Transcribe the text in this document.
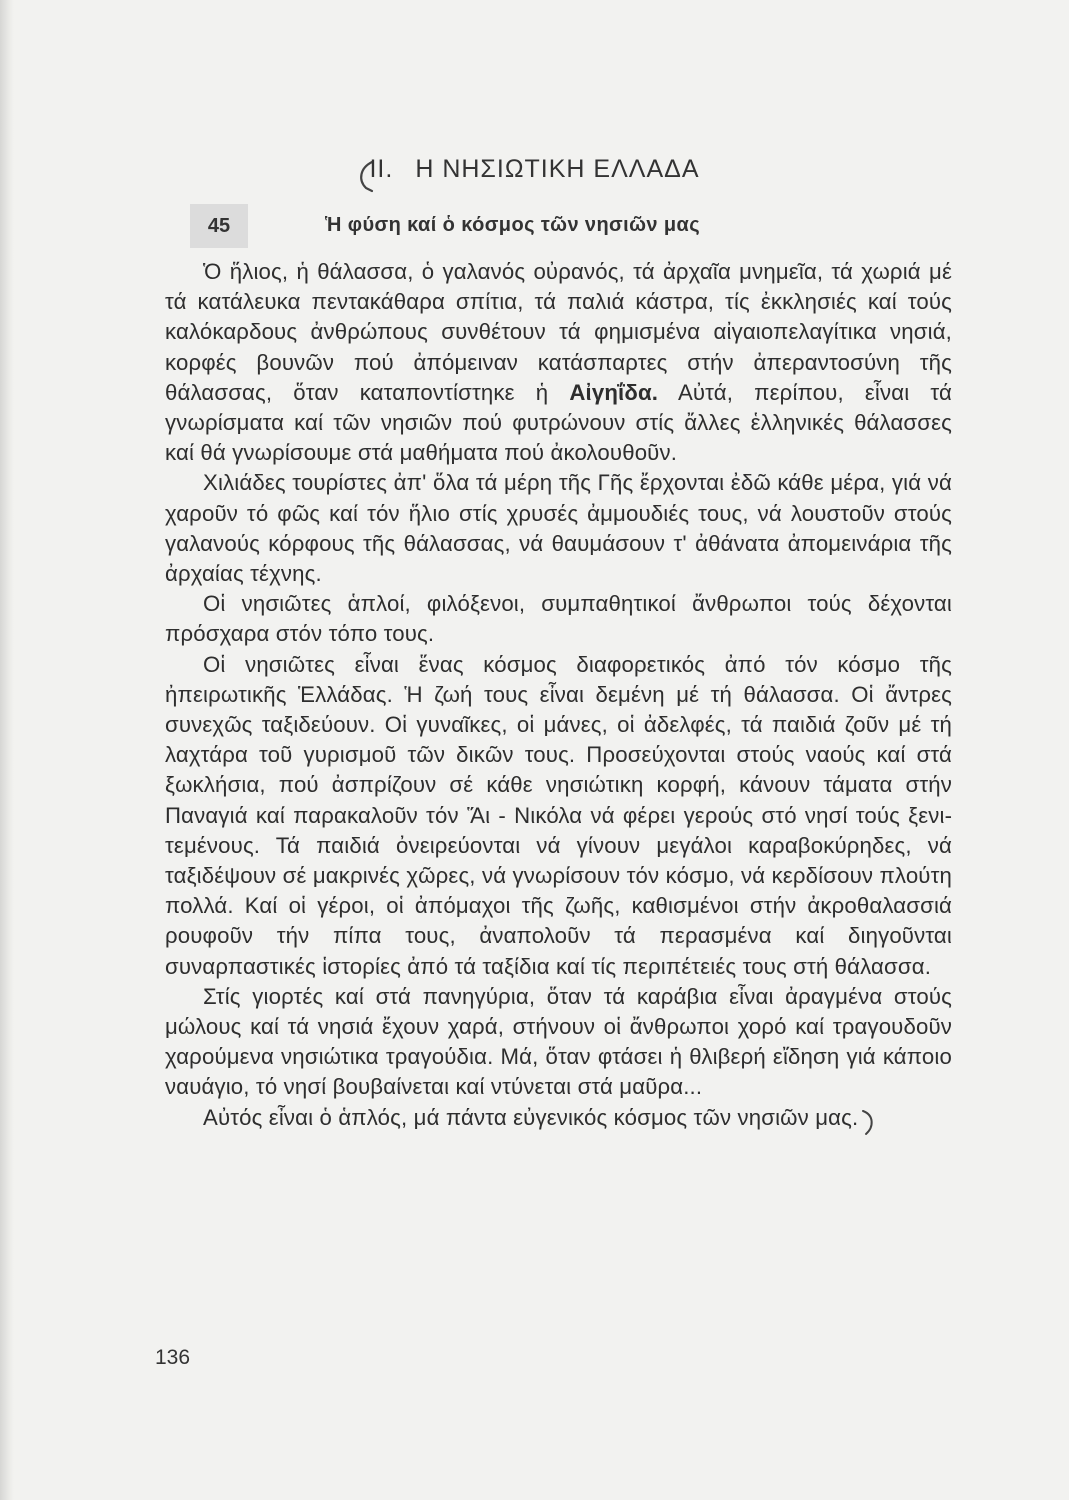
II. Η ΝΗΣΙΩΤΙΚΗ ΕΛΛΑΔΑ
45	Ἡ φύση καί ὁ κόσμος τῶν νησιῶν μας

Ὁ ἥλιος, ἡ θάλασσα, ὁ γαλανός οὐρανός, τά ἀρχαῖα μνημεῖα, τά χωριά μέ τά κατάλευκα πεντακάθαρα σπίτια, τά παλιά κάστρα, τίς ἐκκλησιές καί τούς καλόκαρδους ἀνθρώπους συνθέτουν τά φημισμένα αἰγαιοπελαγίτικα νησιά, κορφές βουνῶν πού ἀπόμειναν κατάσπαρτες στήν ἀπεραντοσύνη τῆς θάλασσας, ὅταν καταποντίστηκε ἡ Αἰγηΐδα. Αὐτά, περίπου, εἶναι τά γνωρίσματα καί τῶν νησιῶν πού φυτρώνουν στίς ἄλλες ἑλληνικές θάλασσες καί θά γνωρίσουμε στά μαθήματα πού ἀκολουθοῦν.

Χιλιάδες τουρίστες ἀπ' ὅλα τά μέρη τῆς Γῆς ἔρχονται ἐδῶ κάθε μέρα, γιά νά χαροῦν τό φῶς καί τόν ἥλιο στίς χρυσές ἀμμουδιές τους, νά λουστοῦν στούς γαλανούς κόρφους τῆς θάλασσας, νά θαυμάσουν τ' ἀθάνατα ἀπομεινάρια τῆς ἀρχαίας τέχνης.

Οἱ νησιῶτες ἁπλοί, φιλόξενοι, συμπαθητικοί ἄνθρωποι τούς δέχονται πρόσχαρα στόν τόπο τους.

Οἱ νησιῶτες εἶναι ἕνας κόσμος διαφορετικός ἀπό τόν κόσμο τῆς ἠπειρωτικῆς Ἑλλάδας. Ἡ ζωή τους εἶναι δεμένη μέ τή θάλασσα. Οἱ ἄντρες συνεχῶς ταξιδεύουν. Οἱ γυναῖκες, οἱ μάνες, οἱ ἀδελφές, τά παιδιά ζοῦν μέ τή λαχτάρα τοῦ γυρισμοῦ τῶν δικῶν τους. Προσεύχονται στούς ναούς καί στά ξωκλήσια, πού ἀσπρίζουν σέ κάθε νησιώτικη κορφή, κάνουν τάματα στήν Παναγιά καί παρακαλοῦν τόν Ἅι - Νικόλα νά φέρει γερούς στό νησί τούς ξενιτεμένους. Τά παιδιά ὀνειρεύονται νά γίνουν μεγάλοι καραβοκύρηδες, νά ταξιδέψουν σέ μακρινές χῶρες, νά γνωρίσουν τόν κόσμο, νά κερδίσουν πλούτη πολλά. Καί οἱ γέροι, οἱ ἀπόμαχοι τῆς ζωῆς, καθισμένοι στήν ἀκροθαλασσιά ρουφοῦν τήν πίπα τους, ἀναπολοῦν τά περασμένα καί διηγοῦνται συναρπαστικές ἱστορίες ἀπό τά ταξίδια καί τίς περιπέτειές τους στή θάλασσα.

Στίς γιορτές καί στά πανηγύρια, ὅταν τά καράβια εἶναι ἀραγμένα στούς μώλους καί τά νησιά ἔχουν χαρά, στήνουν οἱ ἄνθρωποι χορό καί τραγουδοῦν χαρούμενα νησιώτικα τραγούδια. Μά, ὅταν φτάσει ἡ θλιβερή εἴδηση γιά κάποιο ναυάγιο, τό νησί βουβαίνεται καί ντύνεται στά μαῦρα...

Αὐτός εἶναι ὁ ἁπλός, μά πάντα εὐγενικός κόσμος τῶν νησιῶν μας.

136
